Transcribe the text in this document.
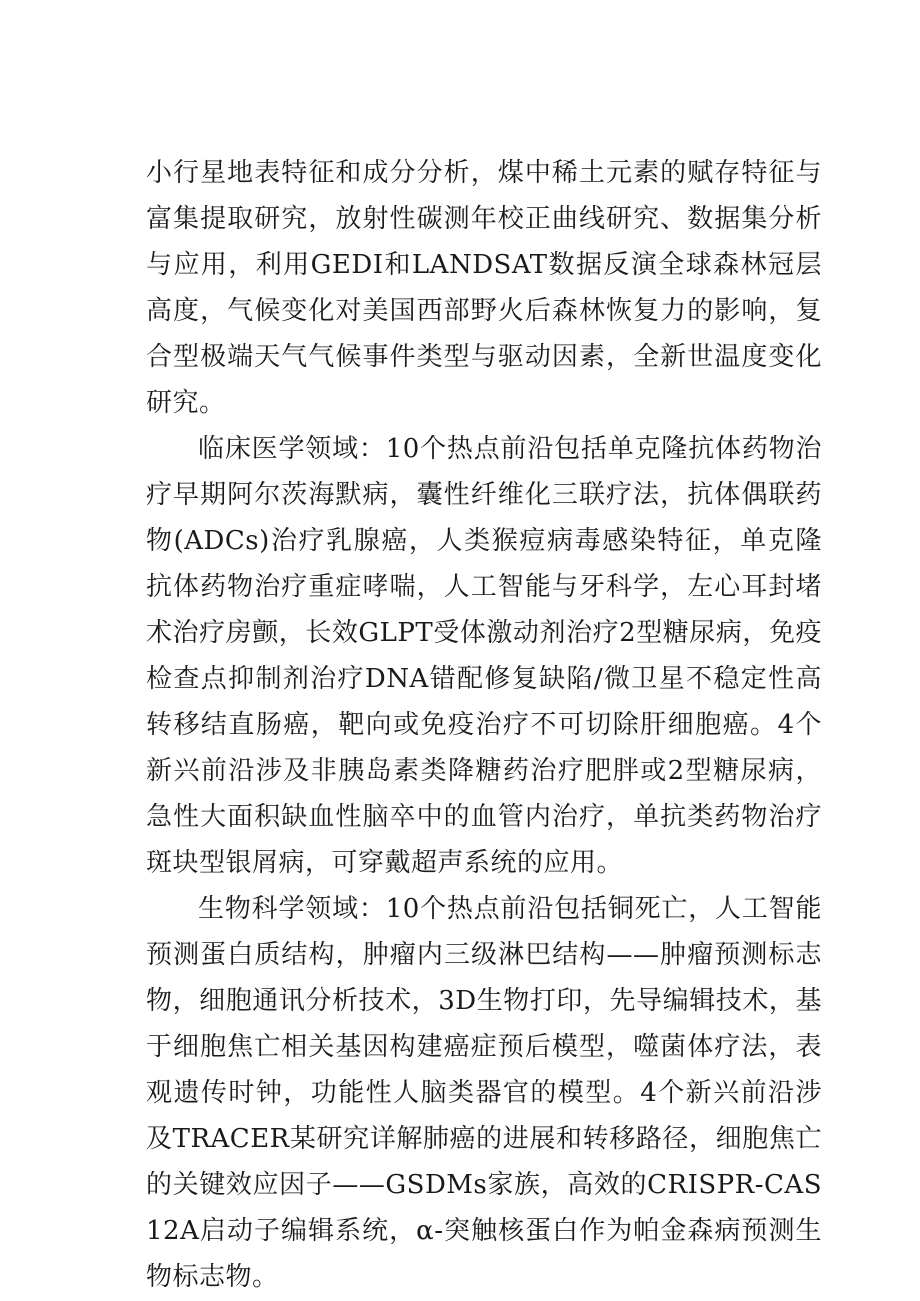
小行星地表特征和成分分析，煤中稀土元素的赋存特征与富集提取研究，放射性碳测年校正曲线研究、数据集分析与应用，利用GEDI和LANDSAT数据反演全球森林冠层高度，气候变化对美国西部野火后森林恢复力的影响，复合型极端天气气候事件类型与驱动因素，全新世温度变化研究。

临床医学领域：10个热点前沿包括单克隆抗体药物治疗早期阿尔茨海默病，囊性纤维化三联疗法，抗体偶联药物(ADCs)治疗乳腺癌，人类猴痘病毒感染特征，单克隆抗体药物治疗重症哮喘，人工智能与牙科学，左心耳封堵术治疗房颤，长效GLPT受体激动剂治疗2型糖尿病，免疫检查点抑制剂治疗DNA错配修复缺陷/微卫星不稳定性高转移结直肠癌，靶向或免疫治疗不可切除肝细胞癌。4个新兴前沿涉及非胰岛素类降糖药治疗肥胖或2型糖尿病，急性大面积缺血性脑卒中的血管内治疗，单抗类药物治疗斑块型银屑病，可穿戴超声系统的应用。

生物科学领域：10个热点前沿包括铜死亡，人工智能预测蛋白质结构，肿瘤内三级淋巴结构——肿瘤预测标志物，细胞通讯分析技术，3D生物打印，先导编辑技术，基于细胞焦亡相关基因构建癌症预后模型，噬菌体疗法，表观遗传时钟，功能性人脑类器官的模型。4个新兴前沿涉及TRACER某研究详解肺癌的进展和转移路径，细胞焦亡的关键效应因子——GSDMs家族，高效的CRISPR-CAS12A启动子编辑系统，α-突触核蛋白作为帕金森病预测生物标志物。
